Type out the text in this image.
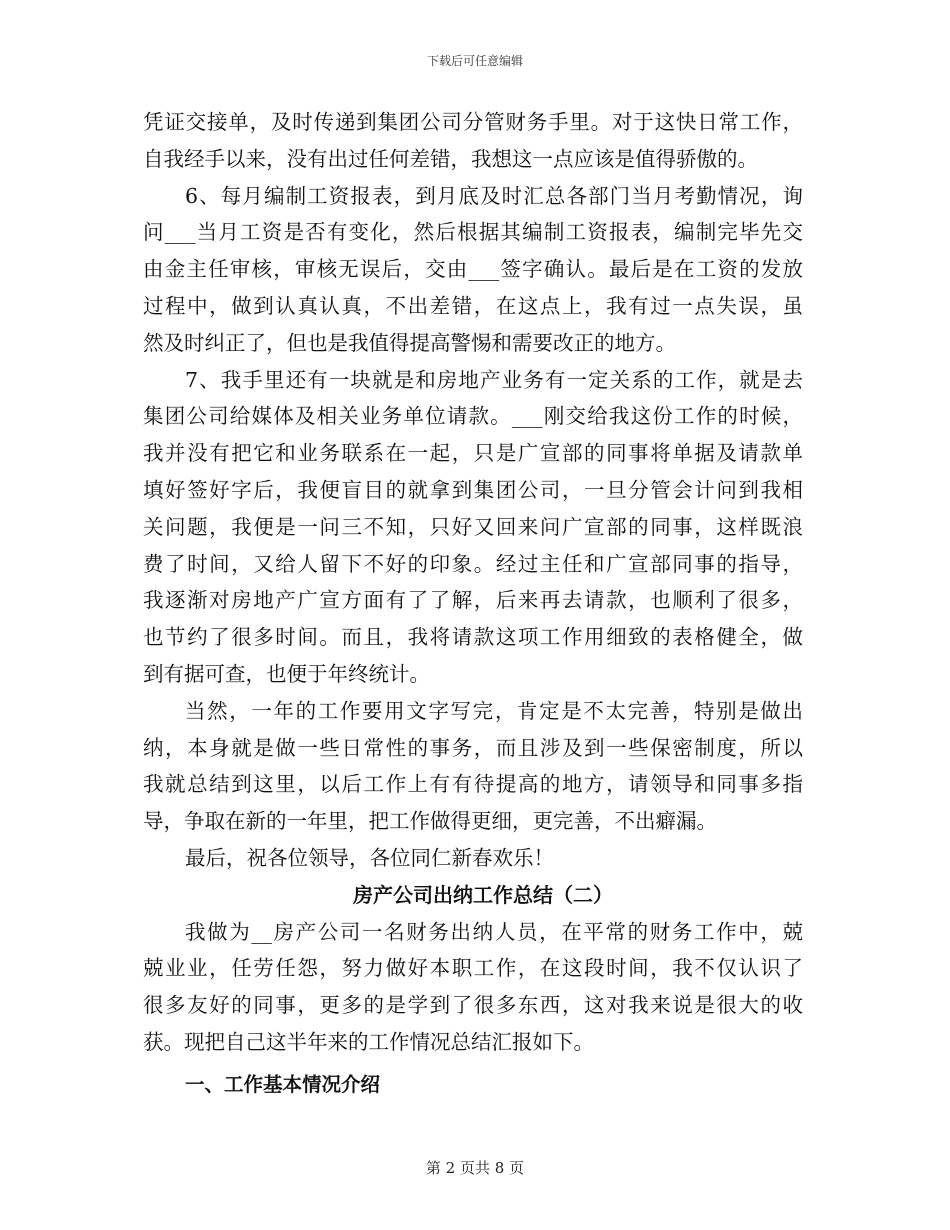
下载后可任意编辑
凭证交接单，及时传递到集团公司分管财务手里。对于这快日常工作，
自我经手以来，没有出过任何差错，我想这一点应该是值得骄傲的。
6、每月编制工资报表，到月底及时汇总各部门当月考勤情况，询
问___当月工资是否有变化，然后根据其编制工资报表，编制完毕先交
由金主任审核，审核无误后，交由___签字确认。最后是在工资的发放
过程中，做到认真认真，不出差错，在这点上，我有过一点失误，虽
然及时纠正了，但也是我值得提高警惕和需要改正的地方。
7、我手里还有一块就是和房地产业务有一定关系的工作，就是去
集团公司给媒体及相关业务单位请款。___刚交给我这份工作的时候，
我并没有把它和业务联系在一起，只是广宣部的同事将单据及请款单
填好签好字后，我便盲目的就拿到集团公司，一旦分管会计问到我相
关问题，我便是一问三不知，只好又回来问广宣部的同事，这样既浪
费了时间，又给人留下不好的印象。经过主任和广宣部同事的指导，
我逐渐对房地产广宣方面有了了解，后来再去请款，也顺利了很多，
也节约了很多时间。而且，我将请款这项工作用细致的表格健全，做
到有据可查，也便于年终统计。
当然，一年的工作要用文字写完，肯定是不太完善，特别是做出
纳，本身就是做一些日常性的事务，而且涉及到一些保密制度，所以
我就总结到这里，以后工作上有有待提高的地方，请领导和同事多指
导，争取在新的一年里，把工作做得更细，更完善，不出癖漏。
最后，祝各位领导，各位同仁新春欢乐！
房产公司出纳工作总结（二）
我做为__房产公司一名财务出纳人员，在平常的财务工作中，兢
兢业业，任劳任怨，努力做好本职工作，在这段时间，我不仅认识了
很多友好的同事，更多的是学到了很多东西，这对我来说是很大的收
获。现把自己这半年来的工作情况总结汇报如下。
一、工作基本情况介绍
第 2 页共 8 页
